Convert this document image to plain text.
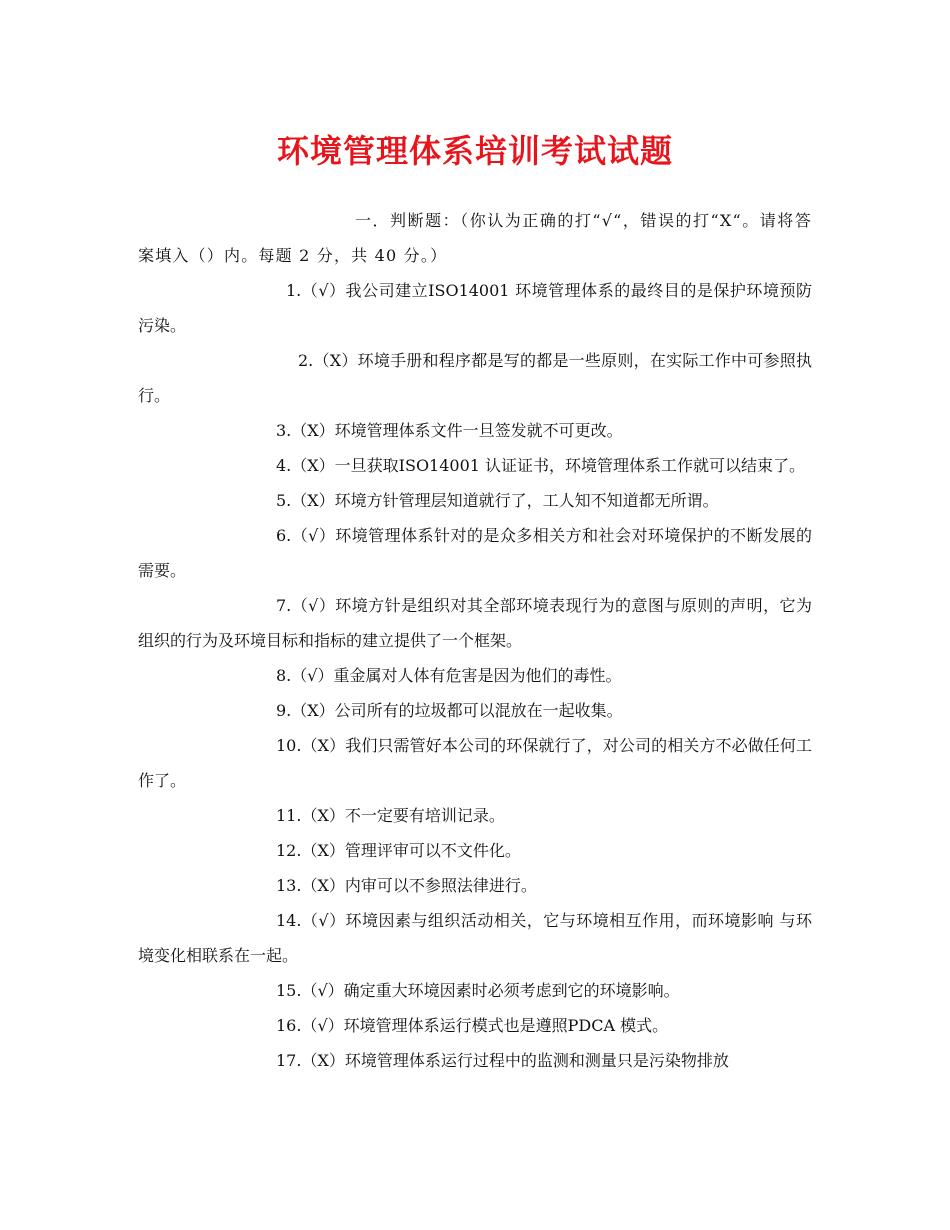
环境管理体系培训考试试题

一．判断题：（你认为正确的打“√“，错误的打“X“。请将答案填入（）内。每题 2 分，共 40 分。）

1.（√）我公司建立ISO14001 环境管理体系的最终目的是保护环境预防污染。

2.（X）环境手册和程序都是写的都是一些原则，在实际工作中可参照执行。

3.（X）环境管理体系文件一旦签发就不可更改。

4.（X）一旦获取ISO14001 认证证书，环境管理体系工作就可以结束了。

5.（X）环境方针管理层知道就行了，工人知不知道都无所谓。

6.（√）环境管理体系针对的是众多相关方和社会对环境保护的不断发展的需要。

7.（√）环境方针是组织对其全部环境表现行为的意图与原则的声明，它为组织的行为及环境目标和指标的建立提供了一个框架。

8.（√）重金属对人体有危害是因为他们的毒性。

9.（X）公司所有的垃圾都可以混放在一起收集。

10.（X）我们只需管好本公司的环保就行了，对公司的相关方不必做任何工作了。

11.（X）不一定要有培训记录。

12.（X）管理评审可以不文件化。

13.（X）内审可以不参照法律进行。

14.（√）环境因素与组织活动相关，它与环境相互作用，而环境影响 与环境变化相联系在一起。

15.（√）确定重大环境因素时必须考虑到它的环境影响。

16.（√）环境管理体系运行模式也是遵照PDCA 模式。

17.（X）环境管理体系运行过程中的监测和测量只是污染物排放
